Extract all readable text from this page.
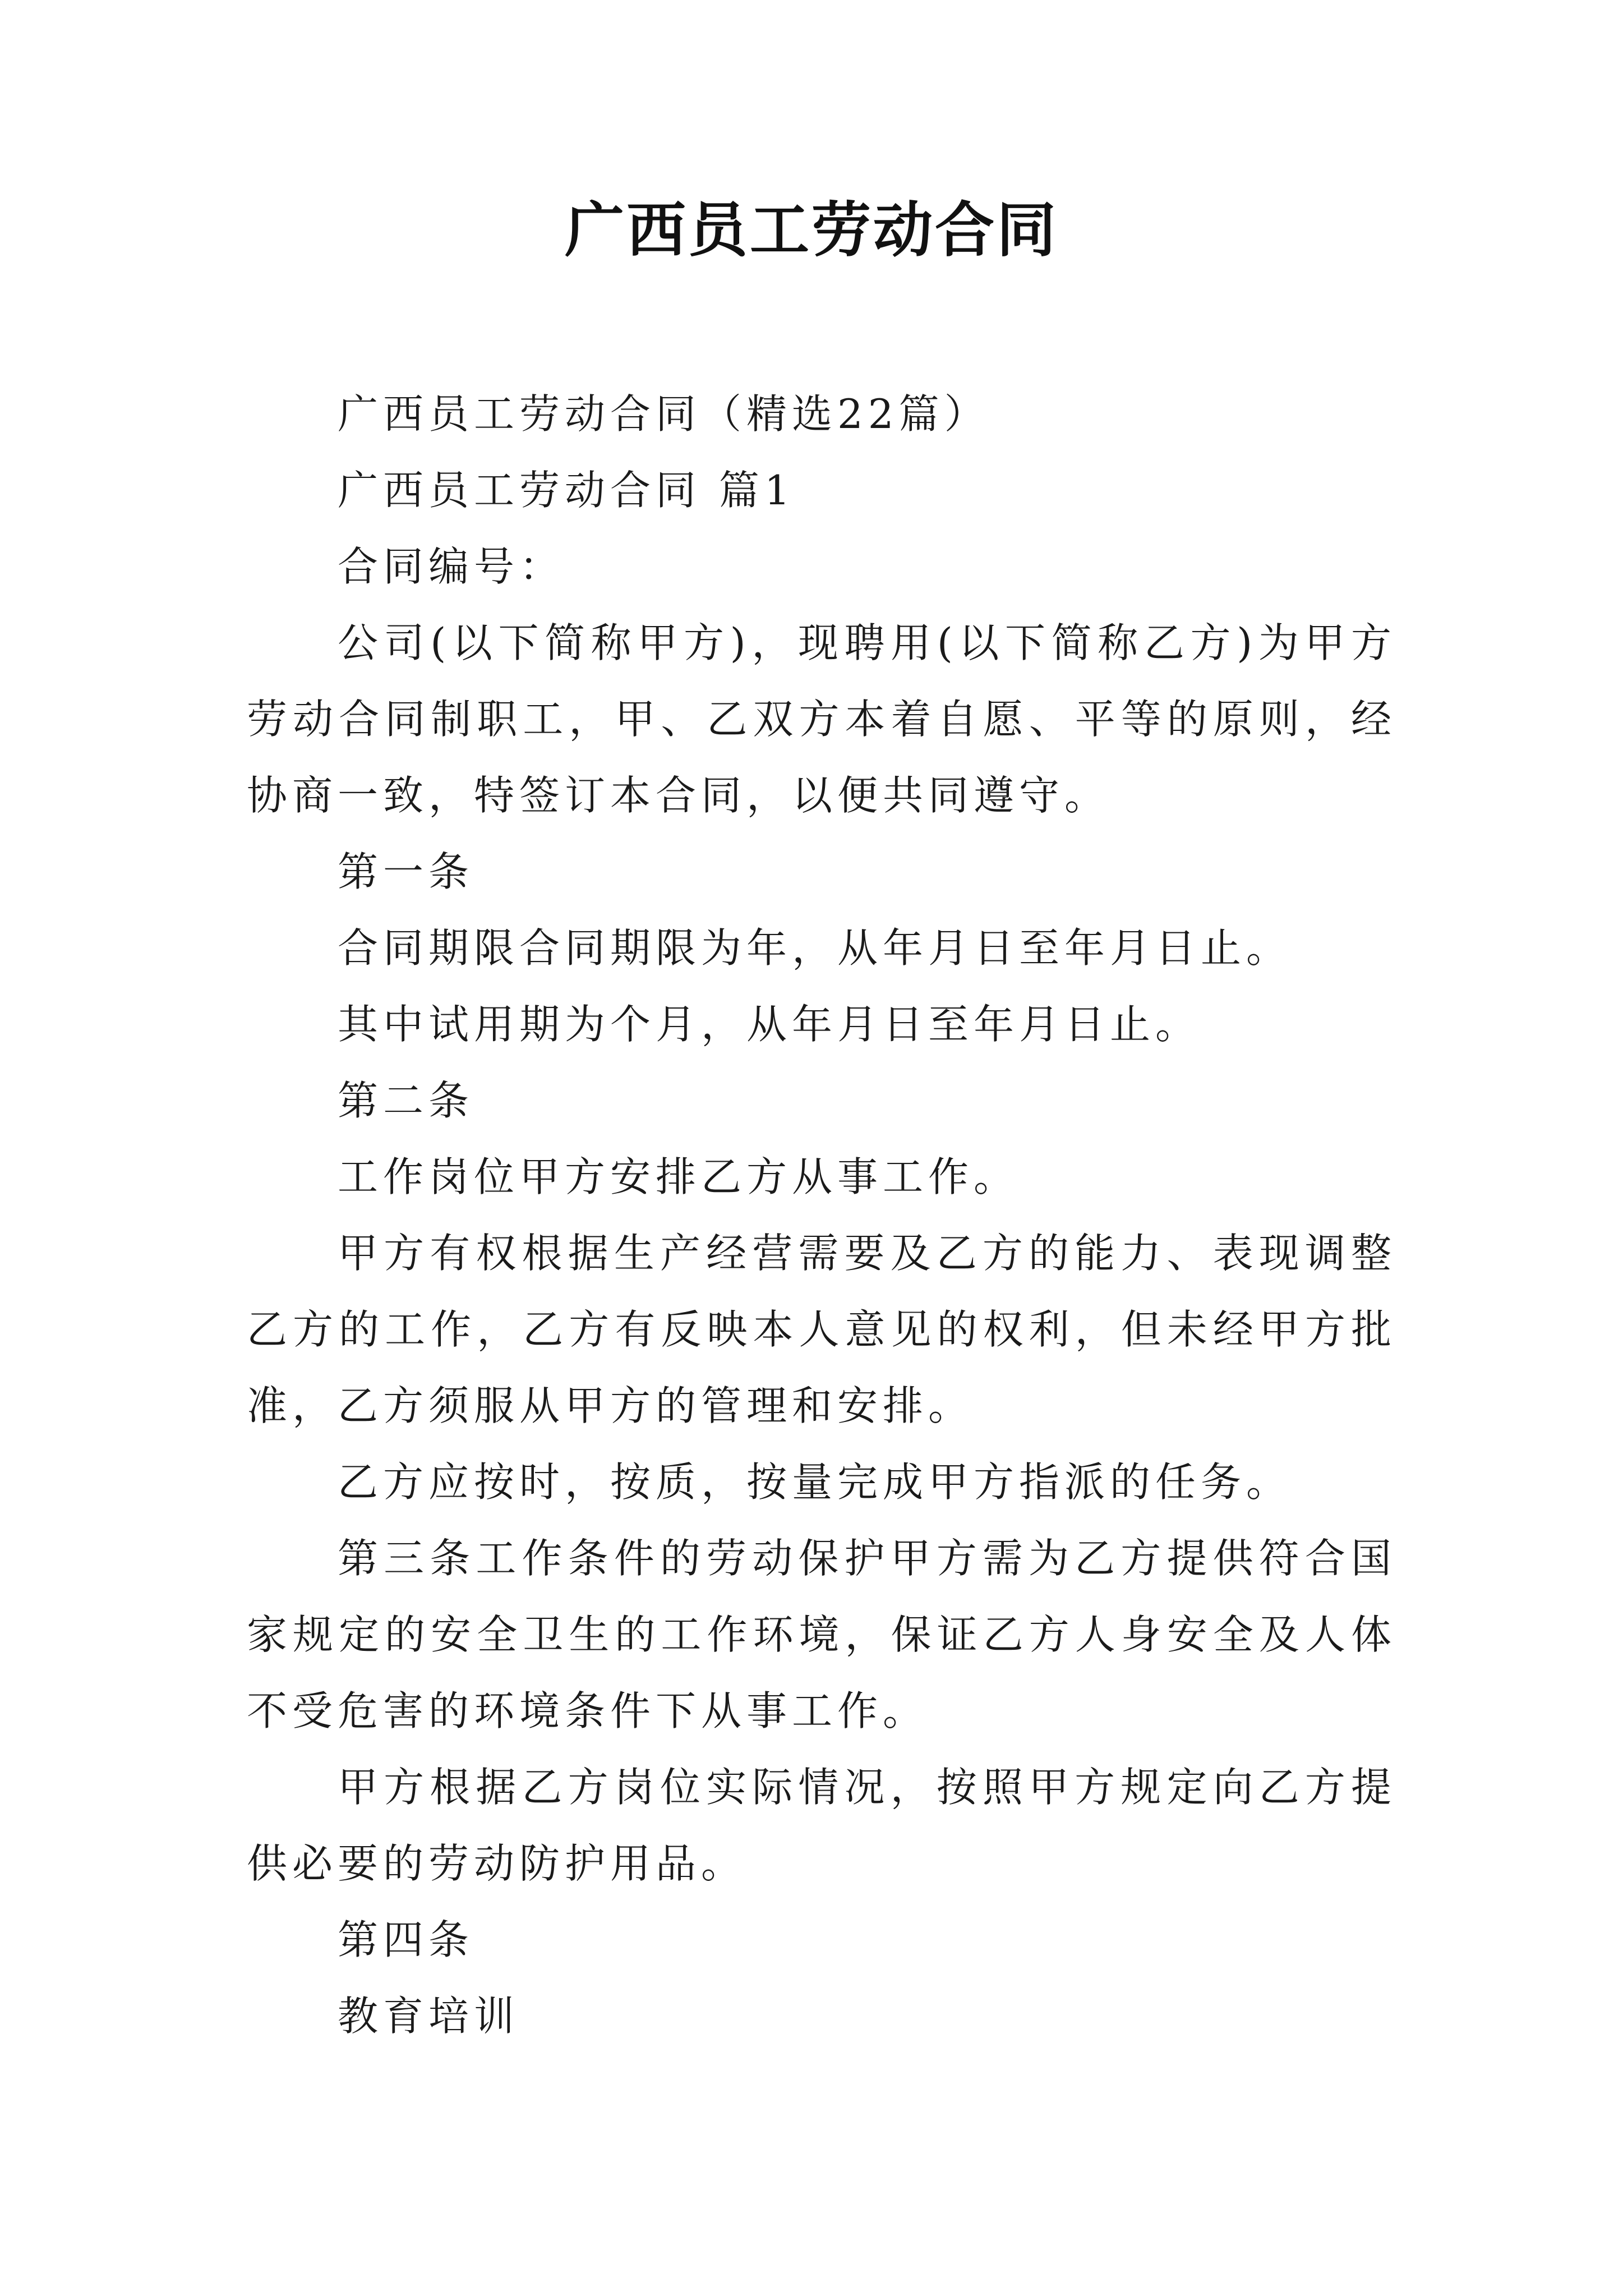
广西员工劳动合同

广西员工劳动合同（精选22篇）

广西员工劳动合同 篇1

合同编号：

公司(以下简称甲方)，现聘用(以下简称乙方)为甲方劳动合同制职工，甲、乙双方本着自愿、平等的原则，经协商一致，特签订本合同，以便共同遵守。

第一条

合同期限合同期限为年，从年月日至年月日止。

其中试用期为个月，从年月日至年月日止。

第二条

工作岗位甲方安排乙方从事工作。

甲方有权根据生产经营需要及乙方的能力、表现调整乙方的工作，乙方有反映本人意见的权利，但未经甲方批准，乙方须服从甲方的管理和安排。

乙方应按时，按质，按量完成甲方指派的任务。

第三条工作条件的劳动保护甲方需为乙方提供符合国家规定的安全卫生的工作环境，保证乙方人身安全及人体不受危害的环境条件下从事工作。

甲方根据乙方岗位实际情况，按照甲方规定向乙方提供必要的劳动防护用品。

第四条

教育培训
